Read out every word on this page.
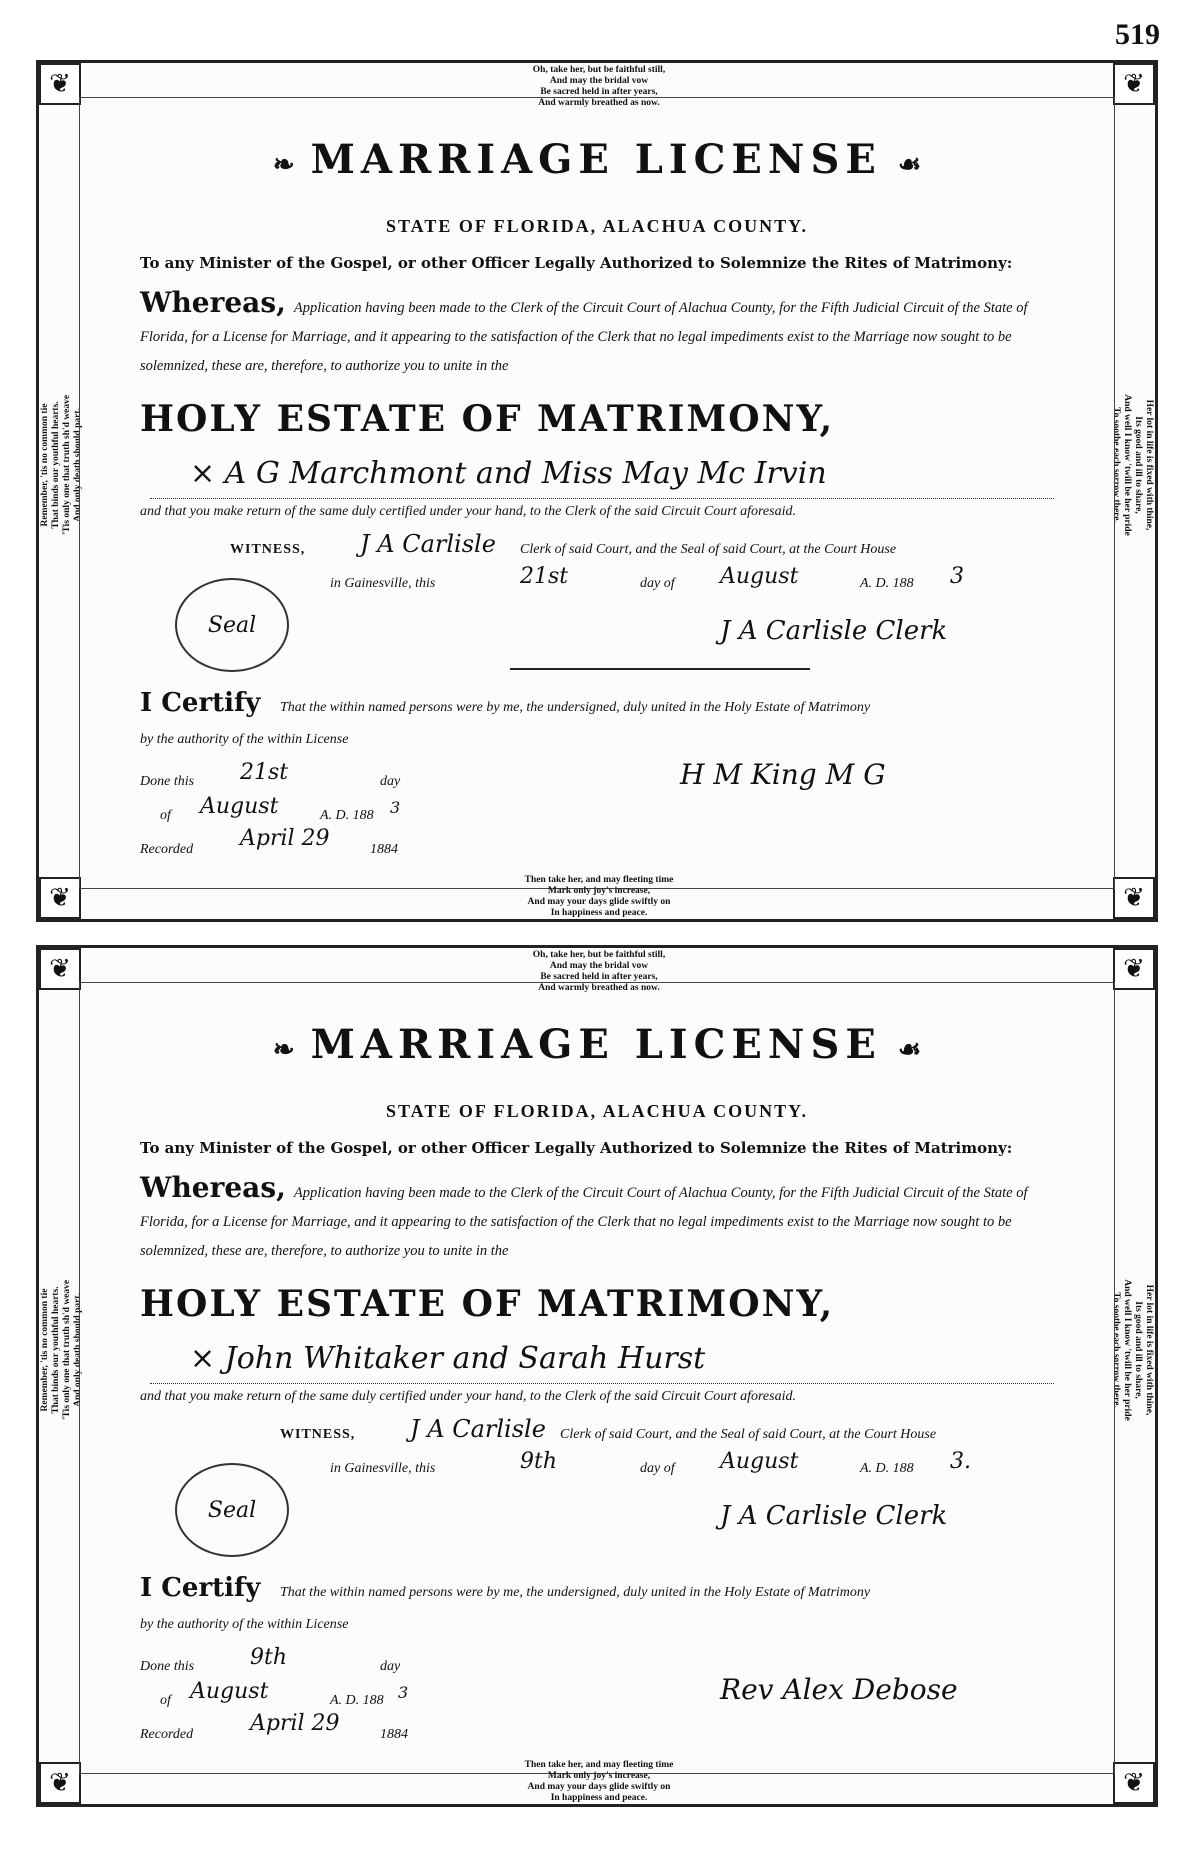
519
❦	❦
❦	❦
Oh, take her, but be faithful still,
And may the bridal vow
Be sacred held in after years,
And warmly breathed as now.
Remember, 'tis no common tie That binds our youthful hearts. 'Tis only one that truth sh'd weave And only death should part.	Her lot in life is fixed with thine,
Its good and ill to share,
And well I know 'twill be her pride
To soothe each sorrow there.
❧ MARRIAGE LICENSE ☙
STATE OF FLORIDA, ALACHUA COUNTY.
To any Minister of the Gospel, or other Officer Legally Authorized to Solemnize the Rites of Matrimony:
Whereas, Application having been made to the Clerk of the Circuit Court of Alachua County, for the Fifth Judicial Circuit of the State of Florida, for a License for Marriage, and it appearing to the satisfaction of the Clerk that no legal impediments exist to the Marriage now sought to be solemnized, these are, therefore, to authorize you to unite in the
HOLY ESTATE OF MATRIMONY,
× A G Marchmont and Miss May Mc Irvin
and that you make return of the same duly certified under your hand, to the Clerk of the said Circuit Court aforesaid.
WITNESS, J A Carlisle Clerk of said Court, and the Seal of said Court, at the Court House
in Gainesville, this	21st	day of August	A. D. 188 3
Seal	J A Carlisle Clerk
I Certify That the within named persons were by me, the undersigned, duly united in the Holy Estate of Matrimony
by the authority of the within License
Done this 21st	day
of August	A. D. 188 3
Recorded April 29	1884
H M King M G
Then take her, and may fleeting time
Mark only joy's increase,
And may your days glide swiftly on
In happiness and peace.
❦	❦
❦	❦
Oh, take her, but be faithful still,
And may the bridal vow
Be sacred held in after years,
And warmly breathed as now.
Remember, 'tis no common tie That binds our youthful hearts. 'Tis only one that truth sh'd weave And only death should part.	Her lot in life is fixed with thine,
Its good and ill to share,
And well I know 'twill be her pride
To soothe each sorrow there.
❧ MARRIAGE LICENSE ☙
STATE OF FLORIDA, ALACHUA COUNTY.
To any Minister of the Gospel, or other Officer Legally Authorized to Solemnize the Rites of Matrimony:
Whereas, Application having been made to the Clerk of the Circuit Court of Alachua County, for the Fifth Judicial Circuit of the State of Florida, for a License for Marriage, and it appearing to the satisfaction of the Clerk that no legal impediments exist to the Marriage now sought to be solemnized, these are, therefore, to authorize you to unite in the
HOLY ESTATE OF MATRIMONY,
× John Whitaker and Sarah Hurst
and that you make return of the same duly certified under your hand, to the Clerk of the said Circuit Court aforesaid.
WITNESS, J A Carlisle Clerk of said Court, and the Seal of said Court, at the Court House
in Gainesville, this	9th	day of August	A. D. 188 3.
Seal	J A Carlisle Clerk
I Certify That the within named persons were by me, the undersigned, duly united in the Holy Estate of Matrimony
by the authority of the within License
Done this	9th	day
of August	A. D. 188 3
Recorded	April 29	1884
Rev Alex Debose
Then take her, and may fleeting time
Mark only joy's increase,
And may your days glide swiftly on
In happiness and peace.
